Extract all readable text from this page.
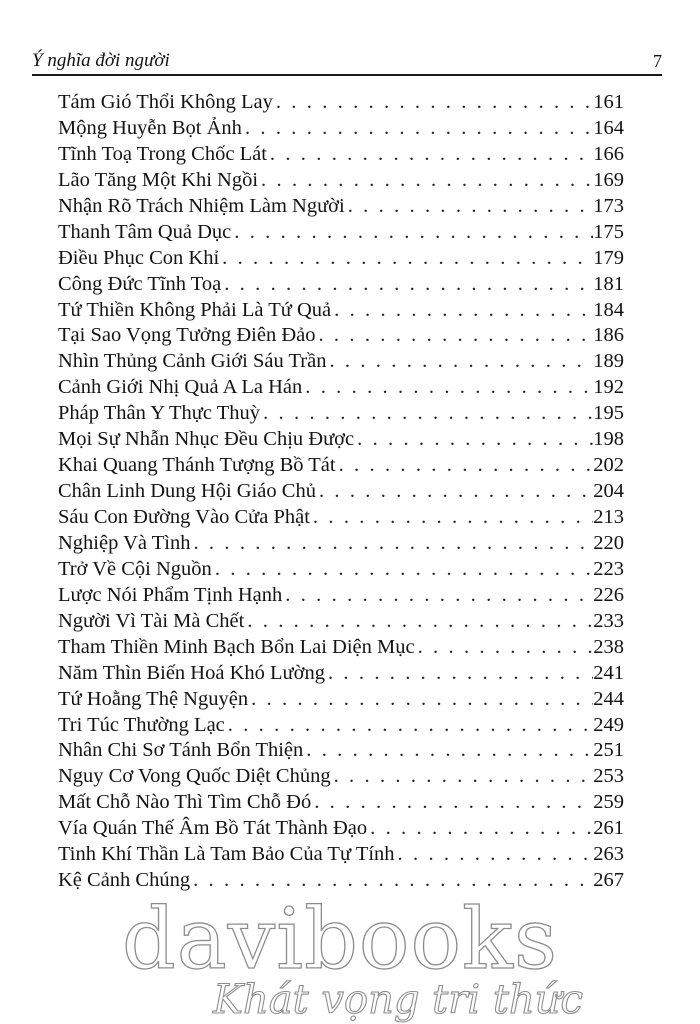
Ý nghĩa đời người	7
Tám Gió Thổi Không Lay . . .	161
Mộng Huyễn Bọt Ảnh . . .	164
Tĩnh Toạ Trong Chốc Lát . . .	166
Lão Tăng Một Khi Ngồi . . .	169
Nhận Rõ Trách Nhiệm Làm Người . . .	173
Thanh Tâm Quả Dục . . .	175
Điều Phục Con Khỉ . . .	179
Công Đức Tĩnh Toạ . . .	181
Tứ Thiền Không Phải Là Tứ Quả . . .	184
Tại Sao Vọng Tưởng Điên Đảo . . .	186
Nhìn Thủng Cảnh Giới Sáu Trần . . .	189
Cảnh Giới Nhị Quả A La Hán . . .	192
Pháp Thân Y Thực Thuỳ . . .	195
Mọi Sự Nhẫn Nhục Đều Chịu Được . . .	198
Khai Quang Thánh Tượng Bồ Tát . . .	202
Chân Linh Dung Hội Giáo Chủ . . .	204
Sáu Con Đường Vào Cửa Phật . . .	213
Nghiệp Và Tình . . .	220
Trở Về Cội Nguồn . . .	223
Lược Nói Phẩm Tịnh Hạnh . . .	226
Người Vì Tài Mà Chết . . .	233
Tham Thiền Minh Bạch Bổn Lai Diện Mục . . .	238
Năm Thìn Biến Hoá Khó Lường . . .	241
Tứ Hoằng Thệ Nguyện . . .	244
Tri Túc Thường Lạc . . .	249
Nhân Chi Sơ Tánh Bổn Thiện . . .	251
Nguy Cơ Vong Quốc Diệt Chủng . . .	253
Mất Chỗ Nào Thì Tìm Chỗ Đó . . .	259
Vía Quán Thế Âm Bồ Tát Thành Đạo . . .	261
Tinh Khí Thần Là Tam Bảo Của Tự Tính . . .	263
Kệ Cảnh Chúng . . .	267
davibooks
Khát vọng tri thức
